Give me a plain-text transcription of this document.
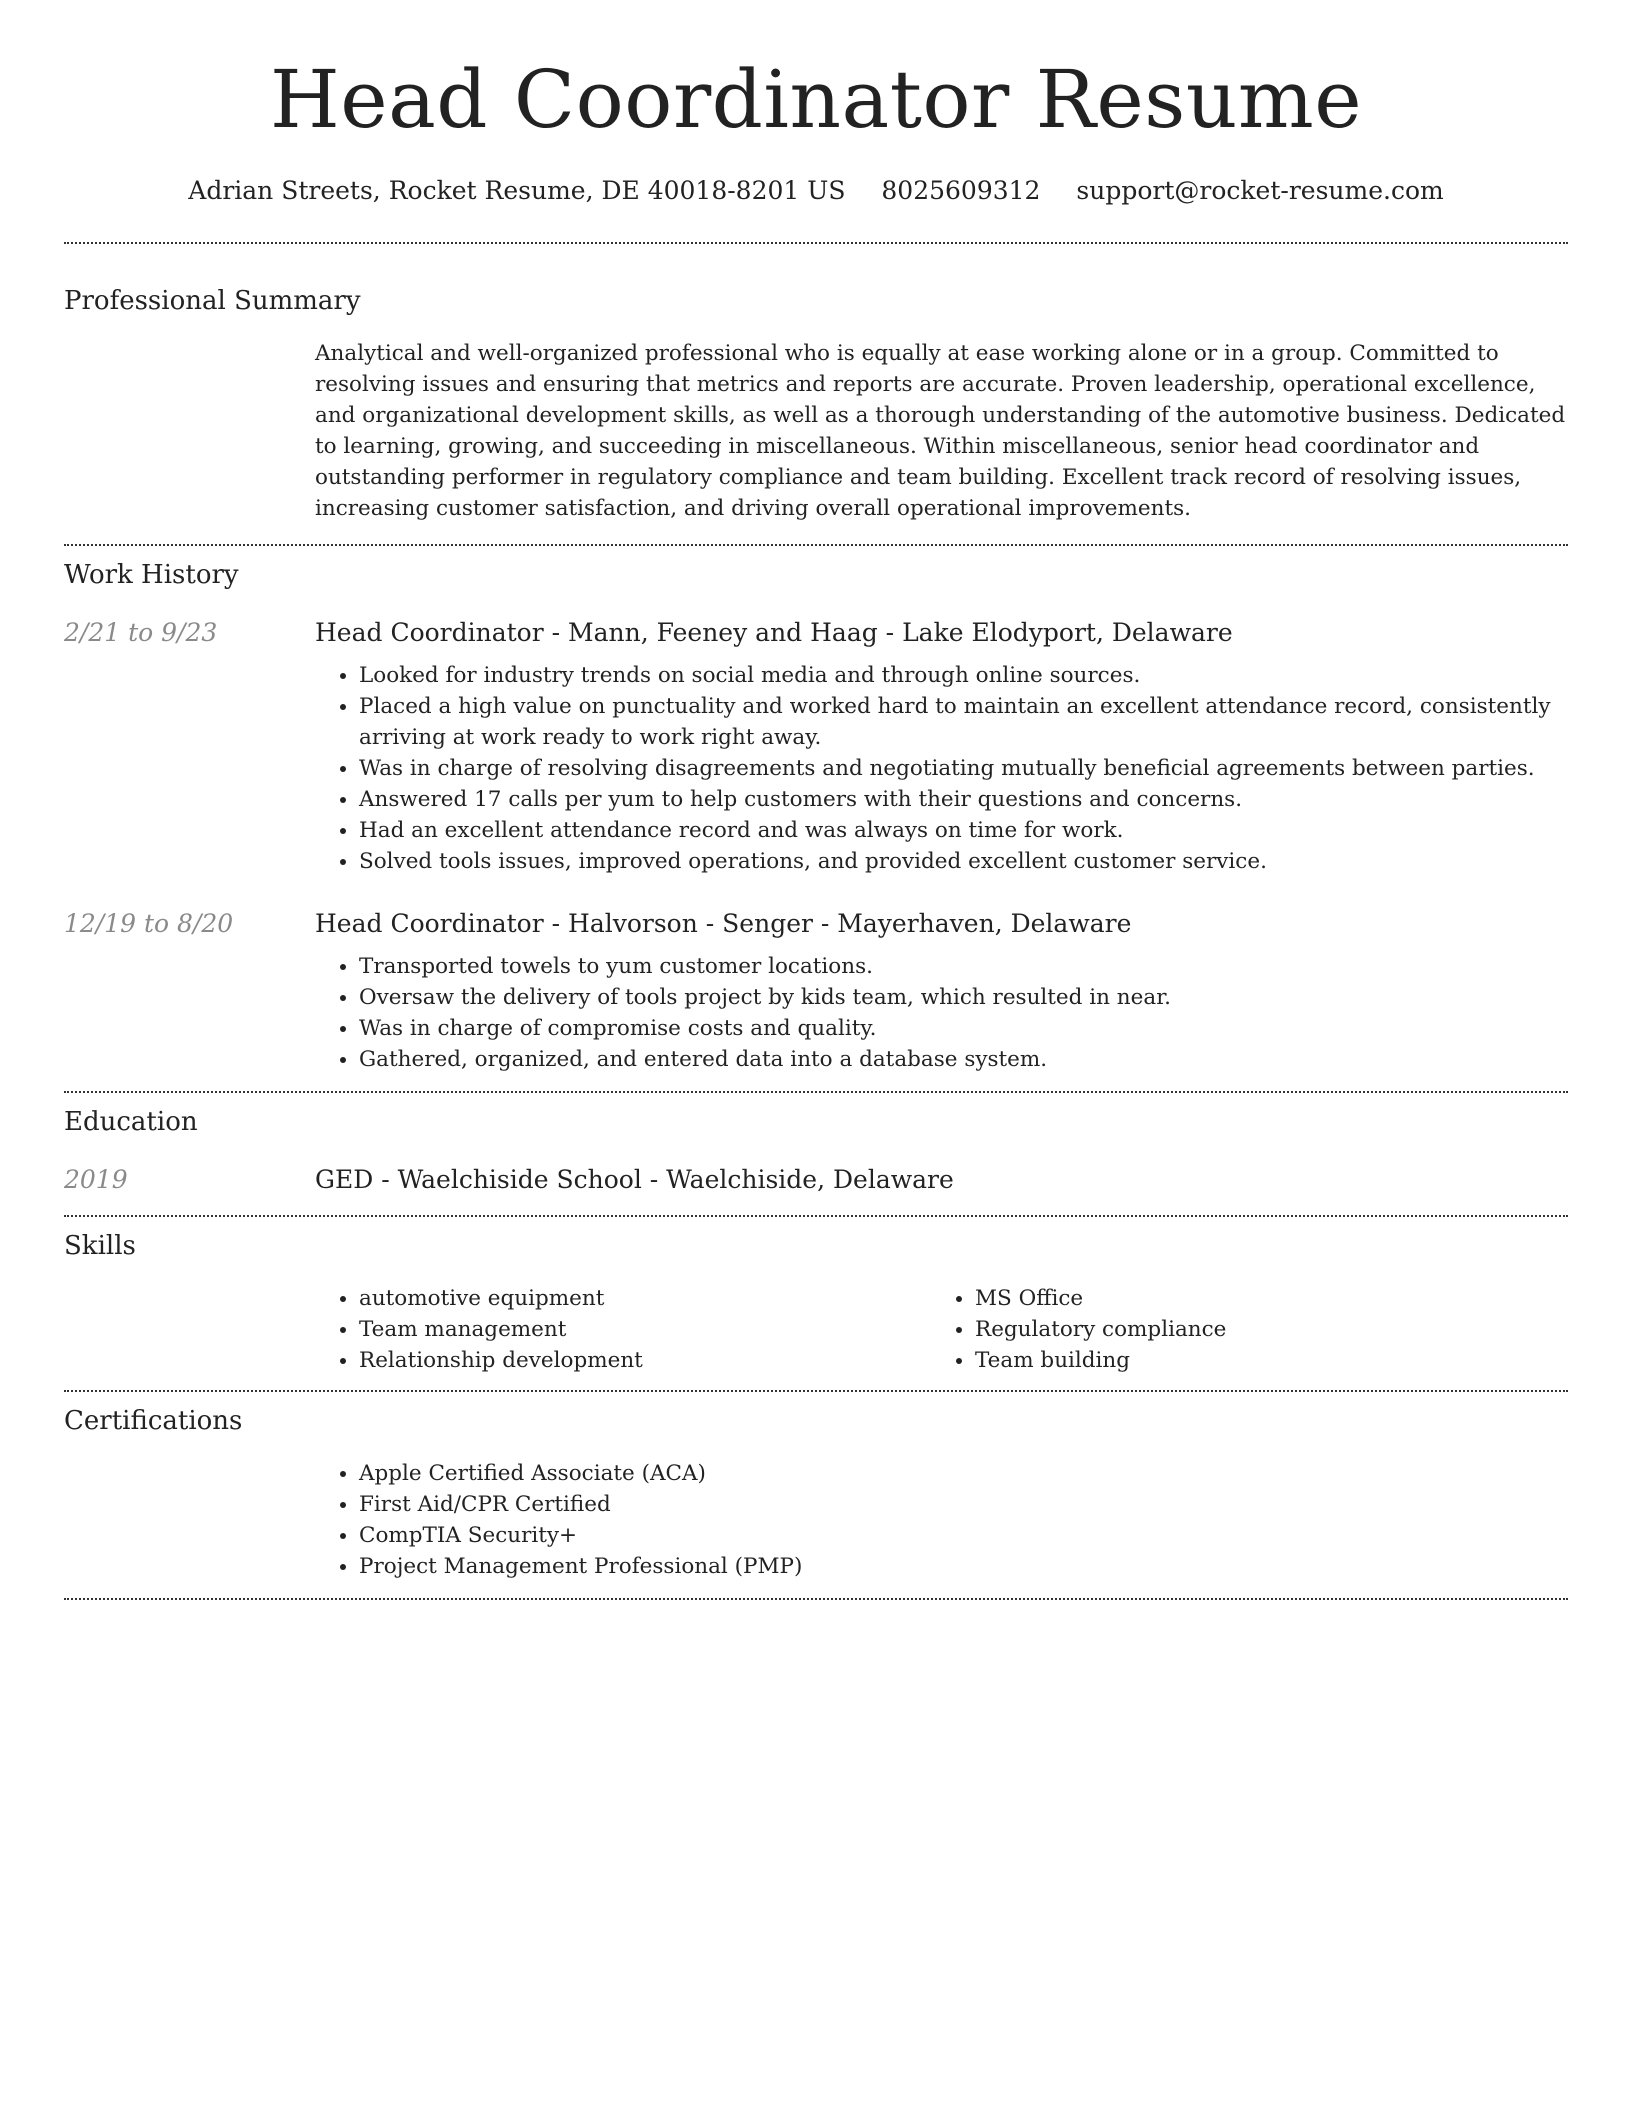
Head Coordinator Resume
Adrian Streets, Rocket Resume, DE 40018-8201 US 8025609312 support@rocket-resume.com
Professional Summary

Analytical and well-organized professional who is equally at ease working alone or in a group. Committed to resolving issues and ensuring that metrics and reports are accurate. Proven leadership, operational excellence, and organizational development skills, as well as a thorough understanding of the automotive business. Dedicated to learning, growing, and succeeding in miscellaneous. Within miscellaneous, senior head coordinator and outstanding performer in regulatory compliance and team building. Excellent track record of resolving issues, increasing customer satisfaction, and driving overall operational improvements.

Work History
2/21 to 9/23	Head Coordinator - Mann, Feeney and Haag - Lake Elodyport, Delaware
• Looked for industry trends on social media and through online sources.
• Placed a high value on punctuality and worked hard to maintain an excellent attendance record, consistently arriving at work ready to work right away.
• Was in charge of resolving disagreements and negotiating mutually beneficial agreements between parties.
• Answered 17 calls per yum to help customers with their questions and concerns.
• Had an excellent attendance record and was always on time for work.
• Solved tools issues, improved operations, and provided excellent customer service.
12/19 to 8/20	Head Coordinator - Halvorson - Senger - Mayerhaven, Delaware
• Transported towels to yum customer locations.
• Oversaw the delivery of tools project by kids team, which resulted in near.
• Was in charge of compromise costs and quality.
• Gathered, organized, and entered data into a database system.
Education
2019	GED - Waelchiside School - Waelchiside, Delaware
Skills
• automotive equipment
• Team management
• Relationship development
• MS Office
• Regulatory compliance
• Team building
Certifications
• Apple Certified Associate (ACA)
• First Aid/CPR Certified
• CompTIA Security+
• Project Management Professional (PMP)
